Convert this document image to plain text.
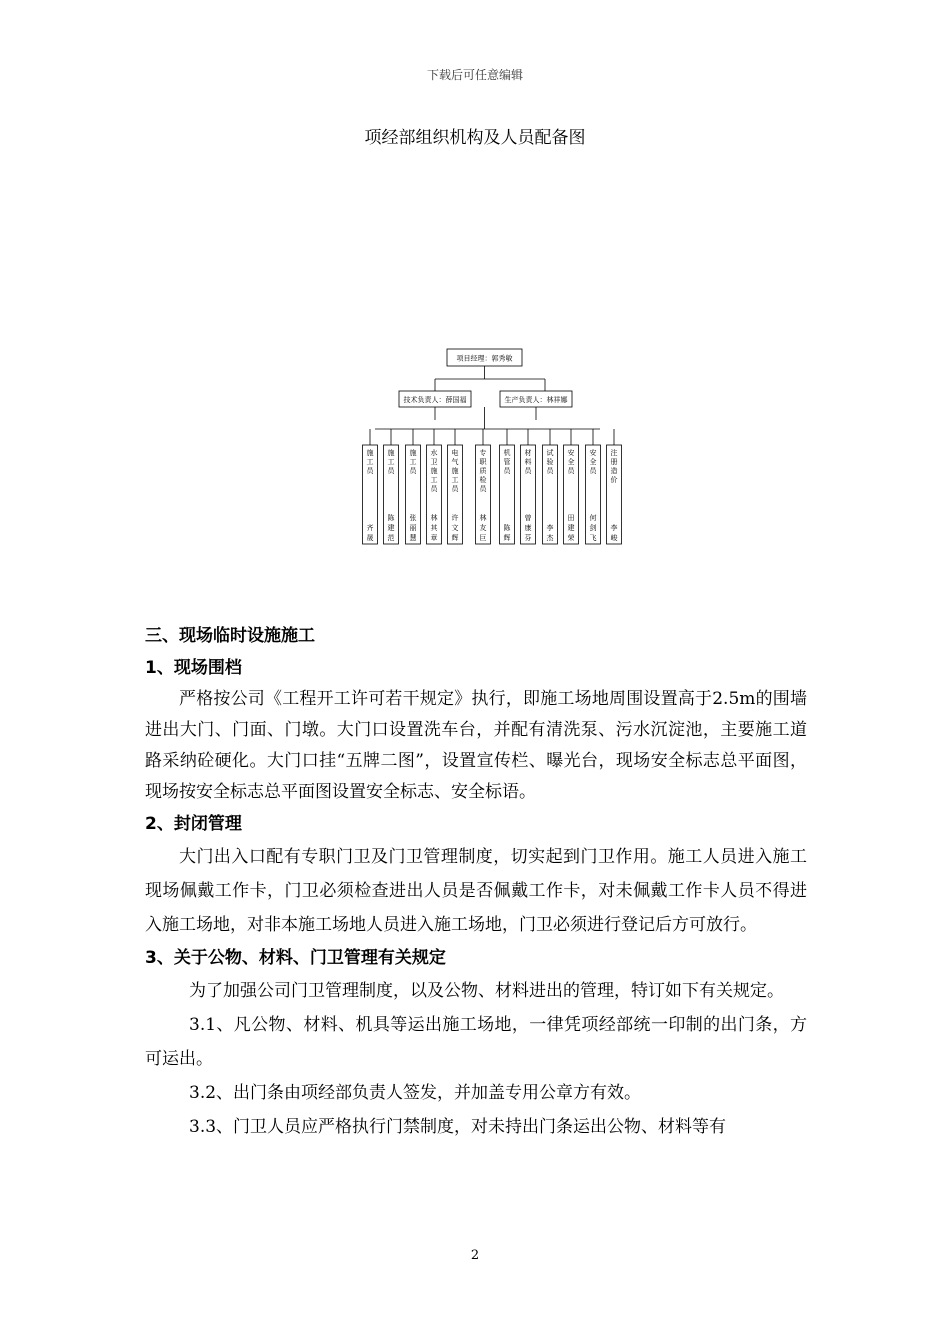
下载后可任意编辑
项经部组织机构及人员配备图
项目经理：郭秀敏
技术负责人：薛国福	生产负责人：林祥娜
施工员
齐晟
施工员
陈建范
施工员
张丽慧
水卫施工员
林其章
电气施工员
许文辉
专职质检员
林友巨
机管员
陈辉
材料员
曾康芬
试验员
李杰
安全员
田建荣
安全员
何剑飞
注册造价
李峻
三、现场临时设施施工
1、现场围档
严格按公司《工程开工许可若干规定》执行，即施工场地周围设置高于2.5m的围墙进出大门、门面、门墩。大门口设置洗车台，并配有清洗泵、污水沉淀池，主要施工道路采纳砼硬化。大门口挂“五牌二图”，设置宣传栏、曝光台，现场安全标志总平面图，现场按安全标志总平面图设置安全标志、安全标语。
2、封闭管理
大门出入口配有专职门卫及门卫管理制度，切实起到门卫作用。施工人员进入施工现场佩戴工作卡，门卫必须检查进出人员是否佩戴工作卡，对未佩戴工作卡人员不得进入施工场地，对非本施工场地人员进入施工场地，门卫必须进行登记后方可放行。
3、关于公物、材料、门卫管理有关规定
为了加强公司门卫管理制度，以及公物、材料进出的管理，特订如下有关规定。
3.1、凡公物、材料、机具等运出施工场地，一律凭项经部统一印制的出门条，方可运出。
3.2、出门条由项经部负责人签发，并加盖专用公章方有效。
3.3、门卫人员应严格执行门禁制度，对未持出门条运出公物、材料等有
2
